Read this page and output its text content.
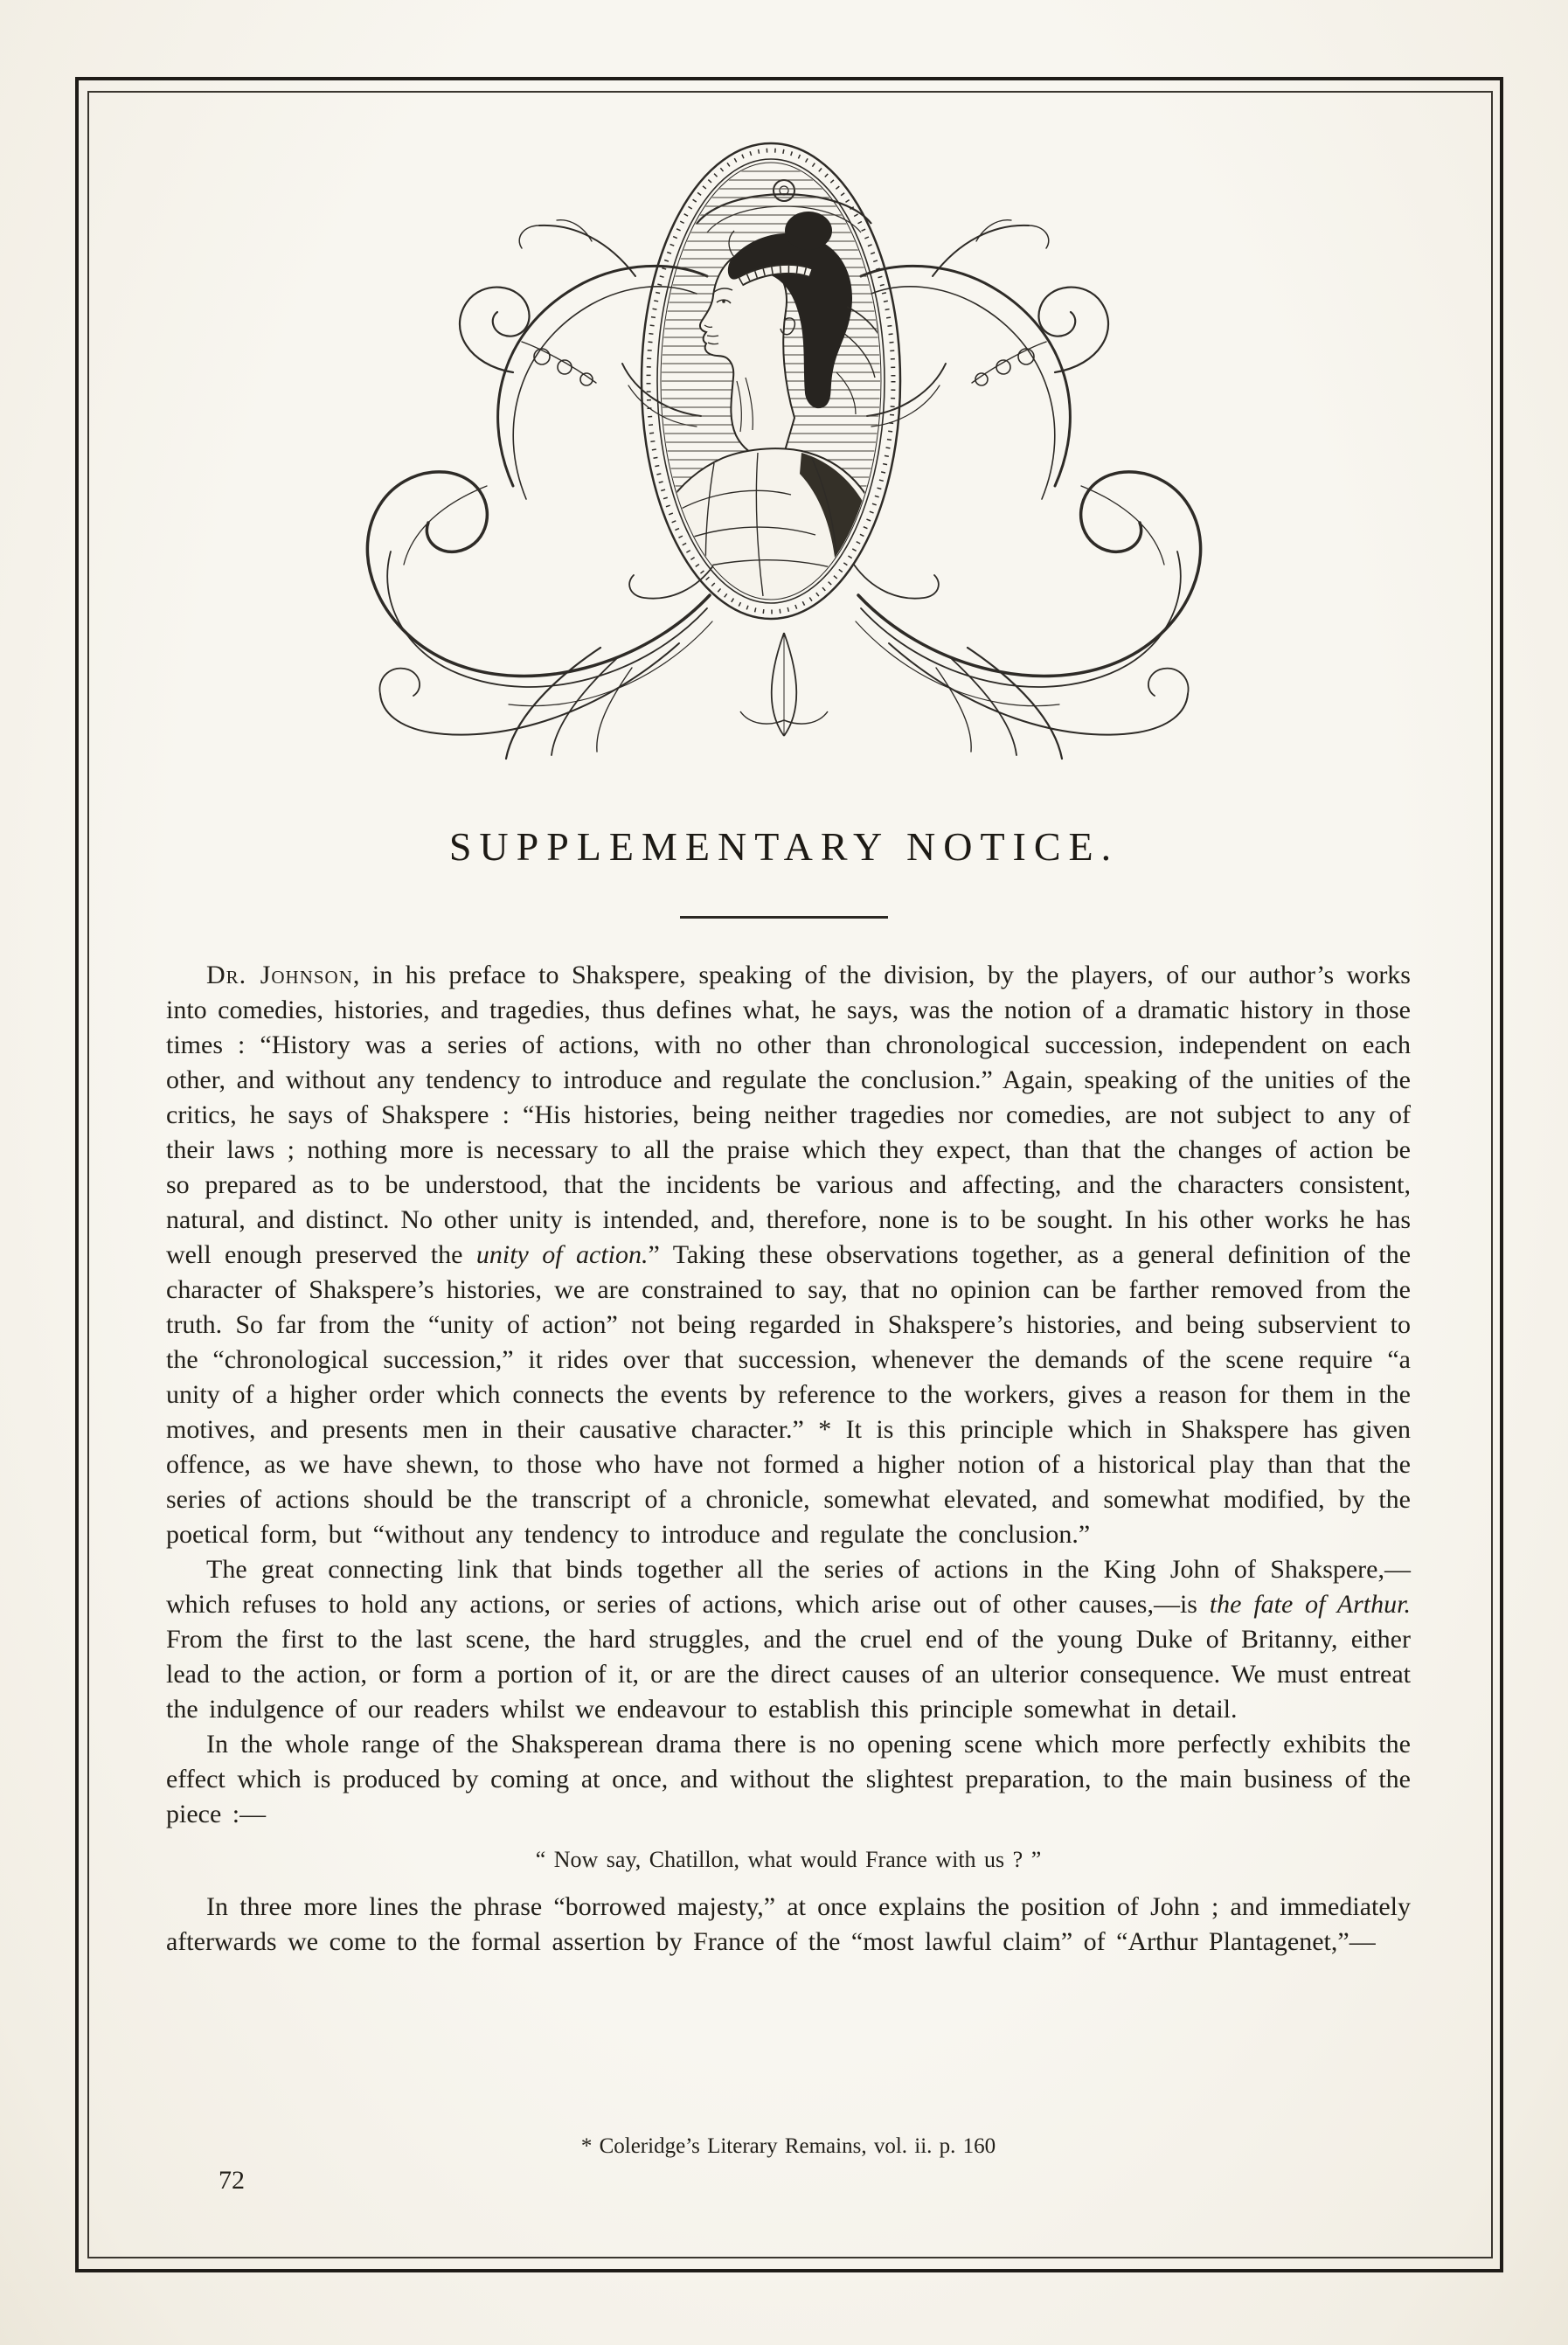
SUPPLEMENTARY NOTICE.

Dr. Johnson, in his preface to Shakspere, speaking of the division, by the players, of our author’s works into comedies, histories, and tragedies, thus defines what, he says, was the notion of a dramatic history in those times : “History was a series of actions, with no other than chronological succession, independent on each other, and without any tendency to introduce and regulate the conclusion.” Again, speaking of the unities of the critics, he says of Shakspere : “His histories, being neither tragedies nor comedies, are not subject to any of their laws ; nothing more is necessary to all the praise which they expect, than that the changes of action be so prepared as to be understood, that the incidents be various and affecting, and the characters consistent, natural, and distinct. No other unity is intended, and, therefore, none is to be sought. In his other works he has well enough preserved the unity of action.” Taking these observations together, as a general definition of the character of Shakspere’s histories, we are constrained to say, that no opinion can be farther removed from the truth. So far from the “unity of action” not being regarded in Shakspere’s histories, and being subservient to the “chronological succession,” it rides over that succession, whenever the demands of the scene require “a unity of a higher order which connects the events by reference to the workers, gives a reason for them in the motives, and presents men in their causative character.” * It is this principle which in Shakspere has given offence, as we have shewn, to those who have not formed a higher notion of a historical play than that the series of actions should be the transcript of a chronicle, somewhat elevated, and somewhat modified, by the poetical form, but “without any tendency to introduce and regulate the conclusion.”

The great connecting link that binds together all the series of actions in the King John of Shakspere,—which refuses to hold any actions, or series of actions, which arise out of other causes,—is the fate of Arthur. From the first to the last scene, the hard struggles, and the cruel end of the young Duke of Britanny, either lead to the action, or form a portion of it, or are the direct causes of an ulterior consequence. We must entreat the indulgence of our readers whilst we endeavour to establish this principle somewhat in detail.

In the whole range of the Shaksperean drama there is no opening scene which more perfectly exhibits the effect which is produced by coming at once, and without the slightest preparation, to the main business of the piece :—

“ Now say, Chatillon, what would France with us ? ”

In three more lines the phrase “borrowed majesty,” at once explains the position of John ; and immediately afterwards we come to the formal assertion by France of the “most lawful claim” of “Arthur Plantagenet,”—

* Coleridge’s Literary Remains, vol. ii. p. 160
72
